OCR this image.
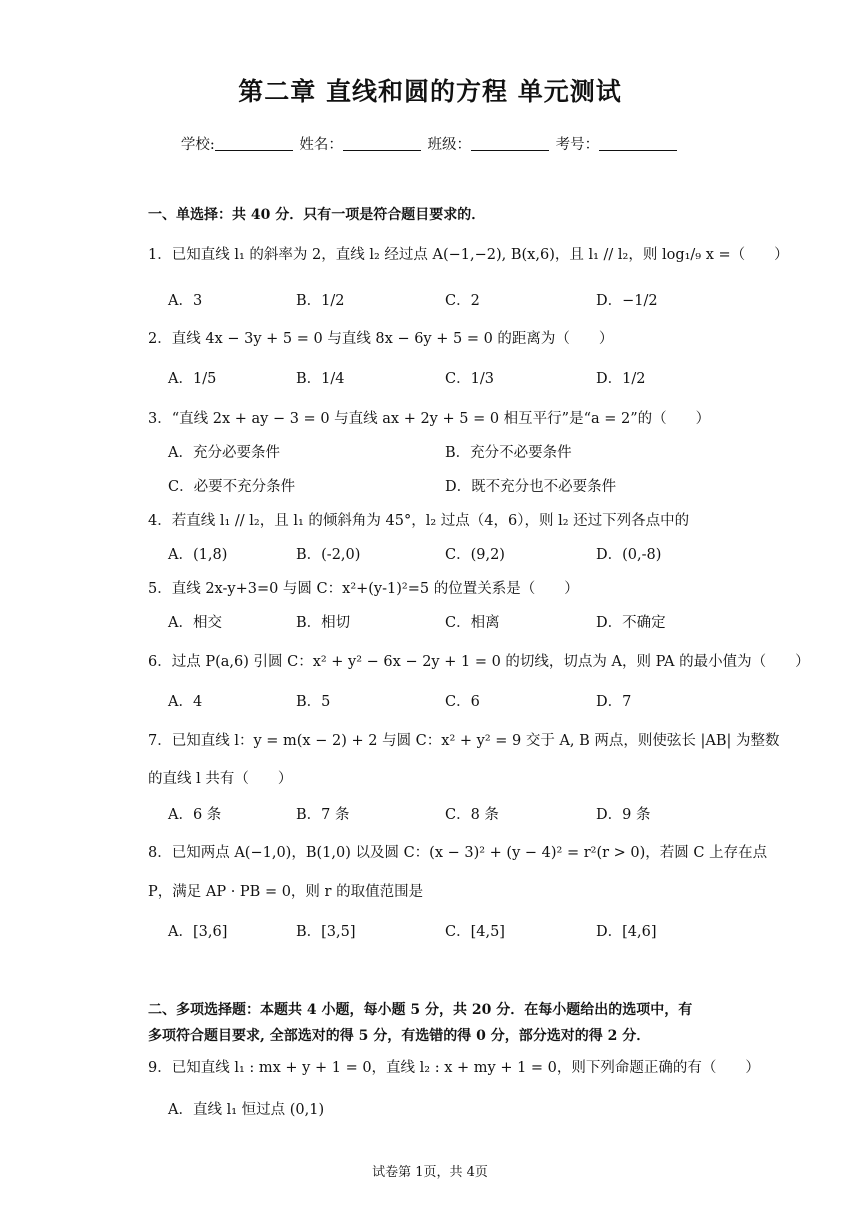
第二章 直线和圆的方程 单元测试
学校:	姓名：	班级：	考号：
一、单选择：共 40 分．只有一项是符合题目要求的．
1．已知直线 l₁ 的斜率为 2，直线 l₂ 经过点 A(−1,−2), B(x,6)，且 l₁ // l₂，则 log₁/₉ x =（　　）
A．3	B．1/2	C．2	D．−1/2
2．直线 4x − 3y + 5 = 0 与直线 8x − 6y + 5 = 0 的距离为（　　）
A．1/5	B．1/4	C．1/3	D．1/2
3．“直线 2x + ay − 3 = 0 与直线 ax + 2y + 5 = 0 相互平行”是“a = 2”的（　　）
A．充分必要条件	B．充分不必要条件
C．必要不充分条件	D．既不充分也不必要条件
4．若直线 l₁ // l₂，且 l₁ 的倾斜角为 45°，l₂ 过点（4，6），则 l₂ 还过下列各点中的
A．(1,8)	B．(-2,0)	C．(9,2)	D．(0,-8)
5．直线 2x-y+3=0 与圆 C：x²+(y-1)²=5 的位置关系是（　　）
A．相交	B．相切	C．相离	D．不确定
6．过点 P(a,6) 引圆 C：x² + y² − 6x − 2y + 1 = 0 的切线，切点为 A，则 PA 的最小值为（　　）
A．4	B．5	C．6	D．7
7．已知直线 l：y = m(x − 2) + 2 与圆 C：x² + y² = 9 交于 A, B 两点，则使弦长 |AB| 为整数
的直线 l 共有（　　）
A．6 条	B．7 条	C．8 条	D．9 条
8．已知两点 A(−1,0)，B(1,0) 以及圆 C：(x − 3)² + (y − 4)² = r²(r > 0)，若圆 C 上存在点
P，满足 AP · PB = 0，则 r 的取值范围是
A．[3,6]	B．[3,5]	C．[4,5]	D．[4,6]
二、多项选择题：本题共 4 小题，每小题 5 分，共 20 分．在每小题给出的选项中，有
多项符合题目要求, 全部选对的得 5 分，有选错的得 0 分，部分选对的得 2 分．
9．已知直线 l₁ : mx + y + 1 = 0，直线 l₂ : x + my + 1 = 0，则下列命题正确的有（　　）
A．直线 l₁ 恒过点 (0,1)
试卷第 1页，共 4页
